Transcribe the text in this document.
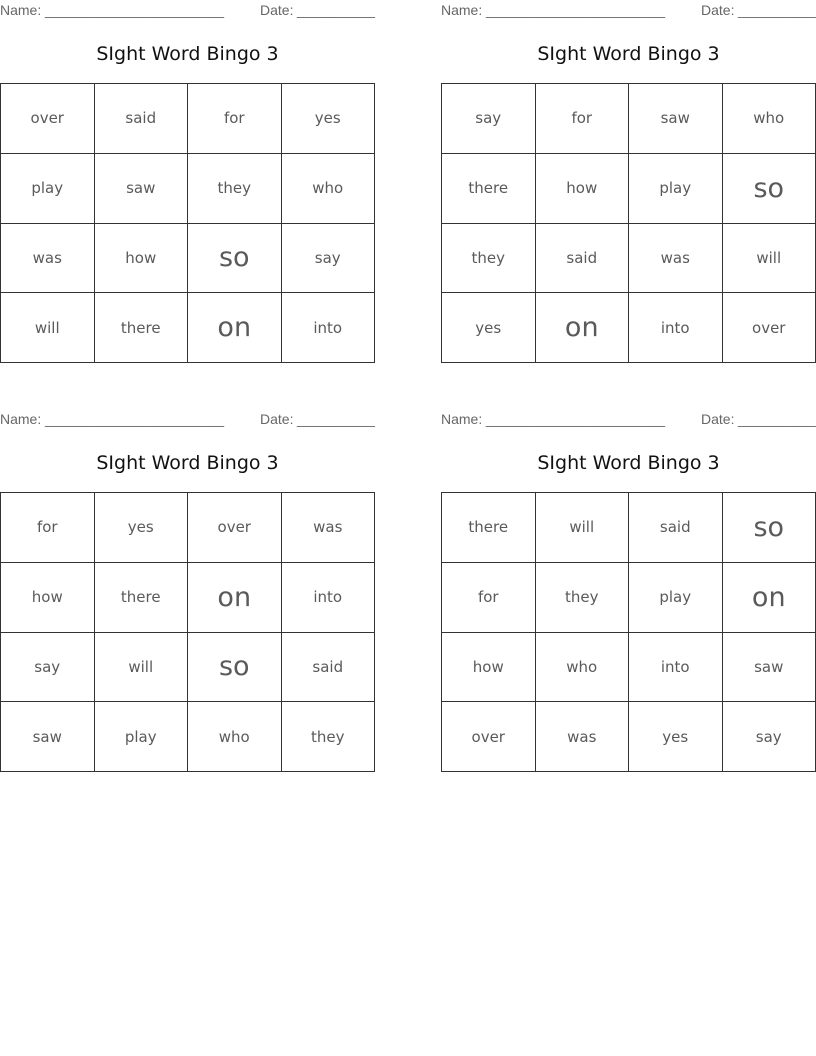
Name: _______________________	Date: __________
SIght Word Bingo 3
over	said	for	yes
play	saw	they	who
was	how	so	say
will	there	on	into
Name: _______________________	Date: __________
SIght Word Bingo 3
say	for	saw	who
there	how	play	so
they	said	was	will
yes	on	into	over
Name: _______________________	Date: __________
SIght Word Bingo 3
for	yes	over	was
how	there	on	into
say	will	so	said
saw	play	who	they
Name: _______________________	Date: __________
SIght Word Bingo 3
there	will	said	so
for	they	play	on
how	who	into	saw
over	was	yes	say
